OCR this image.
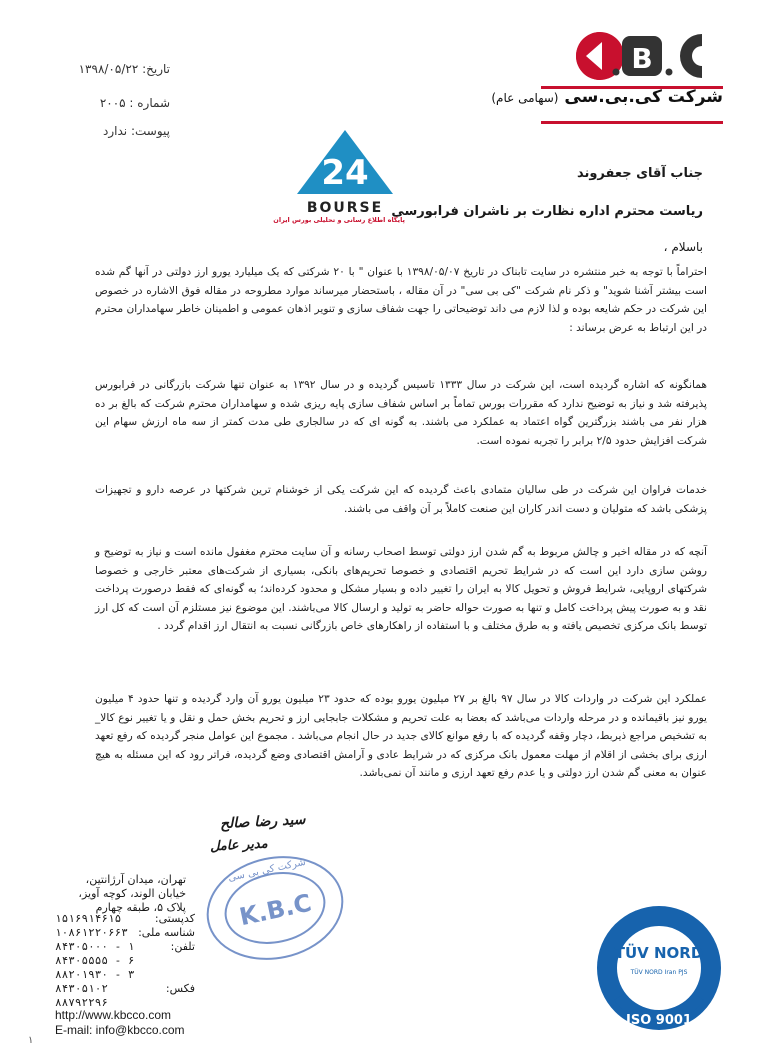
B
شرکت کی.بی.سی (سهامی عام)
تاریخ: ۱۳۹۸/۰۵/۲۲
شماره : ۲۰۰۵
پیوست: ندارد
24
BOURSE
پایگاه اطلاع رسانی و تحلیلی بورس ایران
جناب آقای جعفروند
ریاست محترم اداره نظارت بر ناشران فرابورسی
باسلام ،
احتراماً با توجه به خبر منتشره در سایت تابناک در تاریخ ۱۳۹۸/۰۵/۰۷ با عنوان " با ۲۰ شرکتی که یک میلیارد یورو ارز دولتی در آنها گم شده است بیشتر آشنا شوید" و ذکر نام شرکت "کی بی سی" در آن مقاله ، باستحضار میرساند موارد مطروحه در مقاله فوق الاشاره در خصوص این شرکت در حکم شایعه بوده و لذا لازم می داند توضیحاتی را جهت شفاف سازی و تنویر اذهان عمومی و اطمینان خاطر سهامداران محترم در این ارتباط به عرض برساند :
همانگونه که اشاره گردیده است، این شرکت در سال ۱۳۳۳ تاسیس گردیده و در سال ۱۳۹۲ به عنوان تنها شرکت بازرگانی در فرابورس پذیرفته شد و نیاز به توضیح ندارد که مقررات بورس تماماً بر اساس شفاف سازی پایه ریزی شده و سهامداران محترم شرکت که بالغ بر ده هزار نفر می باشند بزرگترین گواه اعتماد به عملکرد می باشند. به گونه ای که در سالجاری طی مدت کمتر از سه ماه ارزش سهام این شرکت افزایش حدود ۲/۵ برابر را تجربه نموده است.
خدمات فراوان این شرکت در طی سالیان متمادی باعث گردیده که این شرکت یکی از خوشنام ترین شرکتها در عرصه دارو و تجهیزات پزشکی باشد که متولیان و دست اندر کاران این صنعت کاملاً بر آن واقف می باشند.
آنچه که در مقاله اخیر و چالش مربوط به گم شدن ارز دولتی توسط اصحاب رسانه و آن سایت محترم مغفول مانده است و نیاز به توضیح و روشن سازی دارد این است که در شرایط تحریم اقتصادی و خصوصا تحریم‌های بانکی، بسیاری از شرکت‌های معتبر خارجی و خصوصا شرکتهای اروپایی، شرایط فروش و تحویل کالا به ایران را تغییر داده و بسیار مشکل و محدود کرده‌اند؛ به گونه‌ای که فقط درصورت پرداخت نقد و به صورت پیش پرداخت کامل و تنها به صورت حواله حاضر به تولید و ارسال کالا می‌باشند. این موضوع نیز مستلزم آن است که کل ارز توسط بانک مرکزی تخصیص یافته و به طرق مختلف و با استفاده از راهکارهای خاص بازرگانی نسبت به انتقال ارز اقدام گردد .
عملکرد این شرکت در واردات کالا در سال ۹۷ بالغ بر ۲۷ میلیون یورو بوده که حدود ۲۳ میلیون یورو آن وارد گردیده و تنها حدود ۴ میلیون یورو نیز باقیمانده و در مرحله واردات می‌باشد که بعضا به علت تحریم و مشکلات جابجایی ارز و تحریم بخش حمل و نقل و یا تغییر نوع کالا_ به تشخیص مراجع ذیربط، دچار وقفه گردیده که با رفع موانع کالای جدید در حال انجام می‌باشد . مجموع این عوامل منجر گردیده که رفع تعهد ارزی برای بخشی از اقلام از مهلت معمول بانک مرکزی که در شرایط عادی و آرامش اقتصادی وضع گردیده، فراتر رود که این مسئله به هیچ عنوان به معنی گم شدن ارز دولتی و یا عدم رفع تعهد ارزی و مانند آن نمی‌باشد.
سید رضا صالح
مدیر عامل
K.B.C
شرکت کی بی سی
تهران، میدان آرژانتین، خیابان الوند، کوچه آویز، پلاک ۵، طبقه چهارم
کدپستی:
۱۵۱۶۹۱۴۶۱۵
شناسه ملی:
۱۰۸۶۱۲۲۰۶۶۳
تلفن:
۸۴۳۰۵۰۰۰ - ۱
۸۴۳۰۵۵۵۵ - ۶
۸۸۲۰۱۹۳۰ - ۳
فکس:
۸۴۳۰۵۱۰۲
۸۸۷۹۲۲۹۶
http://www.kbcco.com
E-mail: info@kbcco.com
۱
TÜV NORD
TÜV NORD Iran PJS
ISO 9001
